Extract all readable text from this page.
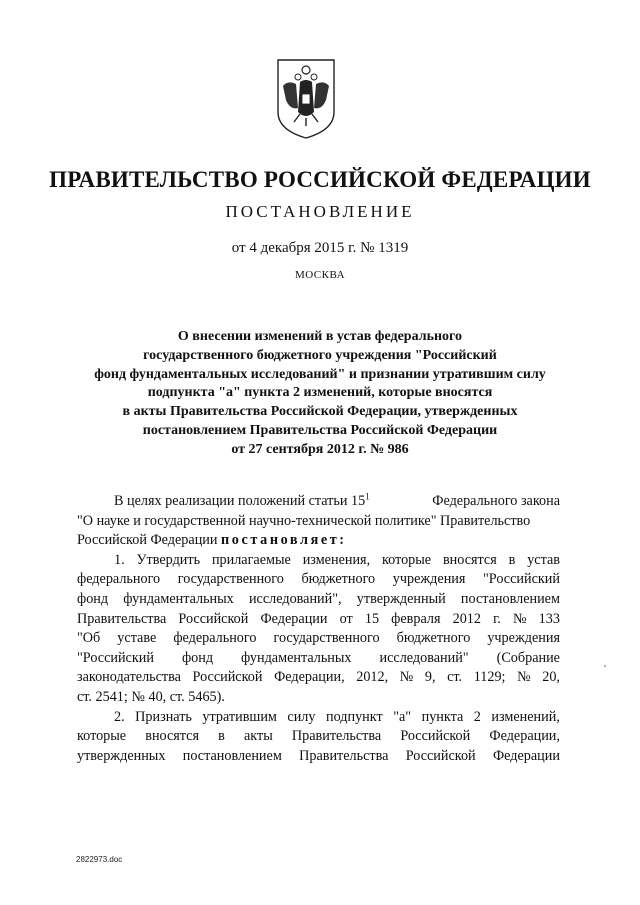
ПРАВИТЕЛЬСТВО РОССИЙСКОЙ ФЕДЕРАЦИИ
ПОСТАНОВЛЕНИЕ
от 4 декабря 2015 г. № 1319
МОСКВА
О внесении изменений в устав федерального
государственного бюджетного учреждения "Российский
фонд фундаментальных исследований" и признании утратившим силу
подпункта "а" пункта 2 изменений, которые вносятся
в акты Правительства Российской Федерации, утвержденных
постановлением Правительства Российской Федерации
от 27 сентября 2012 г. № 986
В целях реализации положений статьи $15^1$	Федерального закона
"О науке и государственной научно-технической политике" Правительство
Российской Федерации
постановляет:
1. Утвердить прилагаемые изменения, которые вносятся в устав
федерального государственного бюджетного учреждения "Российский
фонд фундаментальных исследований", утвержденный постановлением
Правительства Российской Федерации от 15 февраля 2012 г. № 133
"Об уставе федерального государственного бюджетного учреждения
"Российский фонд фундаментальных исследований" (Собрание
законодательства Российской Федерации, 2012, № 9, ст. 1129; № 20,
ст. 2541; № 40, ст. 5465).
2. Признать утратившим силу подпункт "а" пункта 2 изменений,
которые вносятся в акты Правительства Российской Федерации,
утвержденных постановлением Правительства Российской Федерации
2822973.doc
